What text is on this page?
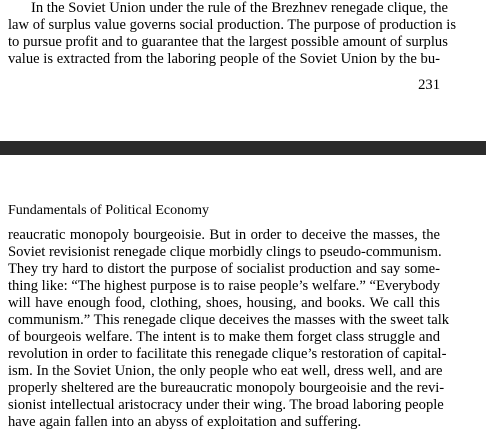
In the Soviet Union under the rule of the Brezhnev renegade clique, the
law of surplus value governs social production. The purpose of production is
to pursue profit and to guarantee that the largest possible amount of surplus
value is extracted from the laboring people of the Soviet Union by the bu-
231
Fundamentals of Political Economy
reaucratic monopoly bourgeoisie. But in order to deceive the masses, the
Soviet revisionist renegade clique morbidly clings to pseudo-communism.
They try hard to distort the purpose of socialist production and say some-
thing like: “The highest purpose is to raise people’s welfare.” “Everybody
will have enough food, clothing, shoes, housing, and books. We call this
communism.” This renegade clique deceives the masses with the sweet talk
of bourgeois welfare. The intent is to make them forget class struggle and
revolution in order to facilitate this renegade clique’s restoration of capital-
ism. In the Soviet Union, the only people who eat well, dress well, and are
properly sheltered are the bureaucratic monopoly bourgeoisie and the revi-
sionist intellectual aristocracy under their wing. The broad laboring people
have again fallen into an abyss of exploitation and suffering.
